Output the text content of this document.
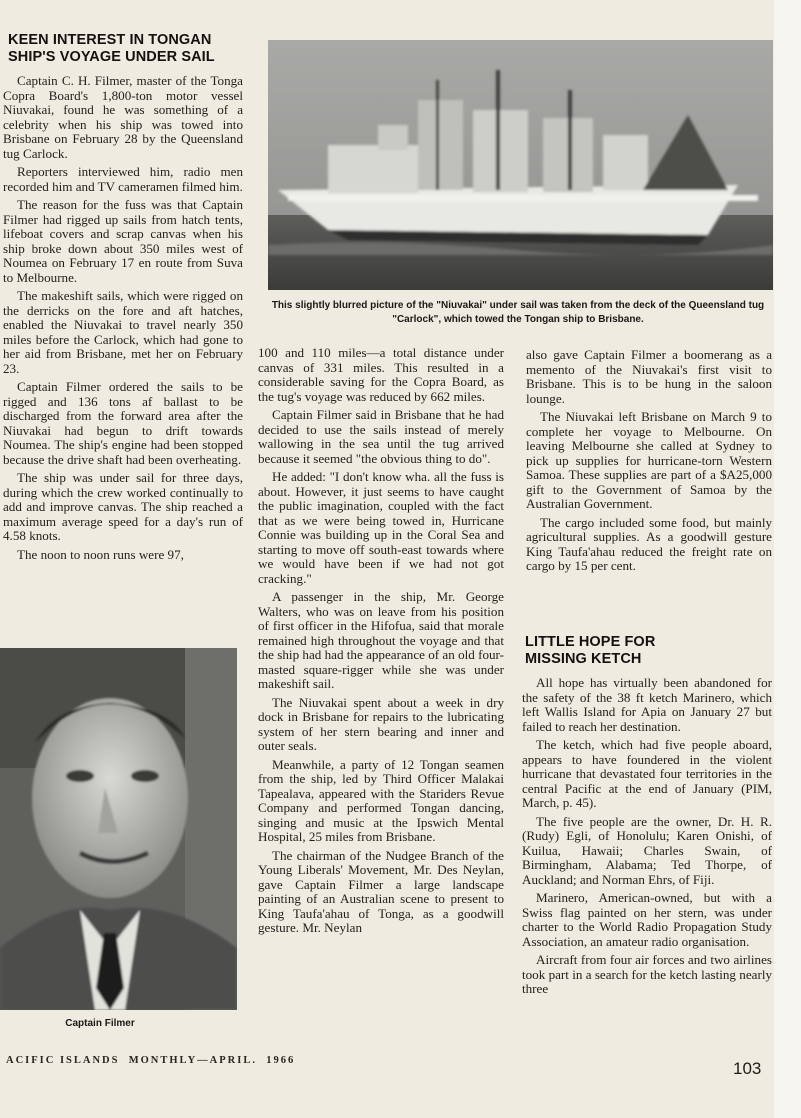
KEEN INTEREST IN TONGAN
SHIP'S VOYAGE UNDER SAIL

Captain C. H. Filmer, master of the Tonga Copra Board's 1,800-ton motor vessel Niuvakai, found he was something of a celebrity when his ship was towed into Brisbane on February 28 by the Queensland tug Carlock.

Reporters interviewed him, radio men recorded him and TV cameramen filmed him.

The reason for the fuss was that Captain Filmer had rigged up sails from hatch tents, lifeboat covers and scrap canvas when his ship broke down about 350 miles west of Noumea on February 17 en route from Suva to Melbourne.

The makeshift sails, which were rigged on the derricks on the fore and aft hatches, enabled the Niuvakai to travel nearly 350 miles before the Carlock, which had gone to her aid from Brisbane, met her on February 23.

Captain Filmer ordered the sails to be rigged and 136 tons af ballast to be discharged from the forward area after the Niuvakai had begun to drift towards Noumea. The ship's engine had been stopped because the drive shaft had been overheating.

The ship was under sail for three days, during which the crew worked continually to add and improve canvas. The ship reached a maximum average speed for a day's run of 4.58 knots.

The noon to noon runs were 97,

This slightly blurred picture of the "Niuvakai" under sail was taken from the deck of the Queensland tug "Carlock", which towed the Tongan ship to Brisbane.

100 and 110 miles—a total distance under canvas of 331 miles. This resulted in a considerable saving for the Copra Board, as the tug's voyage was reduced by 662 miles.

Captain Filmer said in Brisbane that he had decided to use the sails instead of merely wallowing in the sea until the tug arrived because it seemed "the obvious thing to do".

He added: "I don't know wha. all the fuss is about. However, it just seems to have caught the public imagination, coupled with the fact that as we were being towed in, Hurricane Connie was building up in the Coral Sea and starting to move off south-east towards where we would have been if we had not got cracking."

A passenger in the ship, Mr. George Walters, who was on leave from his position of first officer in the Hifofua, said that morale remained high throughout the voyage and that the ship had had the appearance of an old four-masted square-rigger while she was under makeshift sail.

The Niuvakai spent about a week in dry dock in Brisbane for repairs to the lubricating system of her stern bearing and inner and outer seals.

Meanwhile, a party of 12 Tongan seamen from the ship, led by Third Officer Malakai Tapealava, appeared with the Stariders Revue Company and performed Tongan dancing, singing and music at the Ipswich Mental Hospital, 25 miles from Brisbane.

The chairman of the Nudgee Branch of the Young Liberals' Movement, Mr. Des Neylan, gave Captain Filmer a large landscape painting of an Australian scene to present to King Taufa'ahau of Tonga, as a goodwill gesture. Mr. Neylan

also gave Captain Filmer a boomerang as a memento of the Niuvakai's first visit to Brisbane. This is to be hung in the saloon lounge.

The Niuvakai left Brisbane on March 9 to complete her voyage to Melbourne. On leaving Melbourne she called at Sydney to pick up supplies for hurricane-torn Western Samoa. These supplies are part of a $A25,000 gift to the Government of Samoa by the Australian Government.

The cargo included some food, but mainly agricultural supplies. As a goodwill gesture King Taufa'ahau reduced the freight rate on cargo by 15 per cent.

LITTLE HOPE FOR
MISSING KETCH

All hope has virtually been abandoned for the safety of the 38 ft ketch Marinero, which left Wallis Island for Apia on January 27 but failed to reach her destination.

The ketch, which had five people aboard, appears to have foundered in the violent hurricane that devastated four territories in the central Pacific at the end of January (PIM, March, p. 45).

The five people are the owner, Dr. H. R. (Rudy) Egli, of Honolulu; Karen Onishi, of Kuilua, Hawaii; Charles Swain, of Birmingham, Alabama; Ted Thorpe, of Auckland; and Norman Ehrs, of Fiji.

Marinero, American-owned, but with a Swiss flag painted on her stern, was under charter to the World Radio Propagation Study Association, an amateur radio organisation.

Aircraft from four air forces and two airlines took part in a search for the ketch lasting nearly three

Captain Filmer
ACIFIC ISLANDS  MONTHLY—APRIL.  1966	103
